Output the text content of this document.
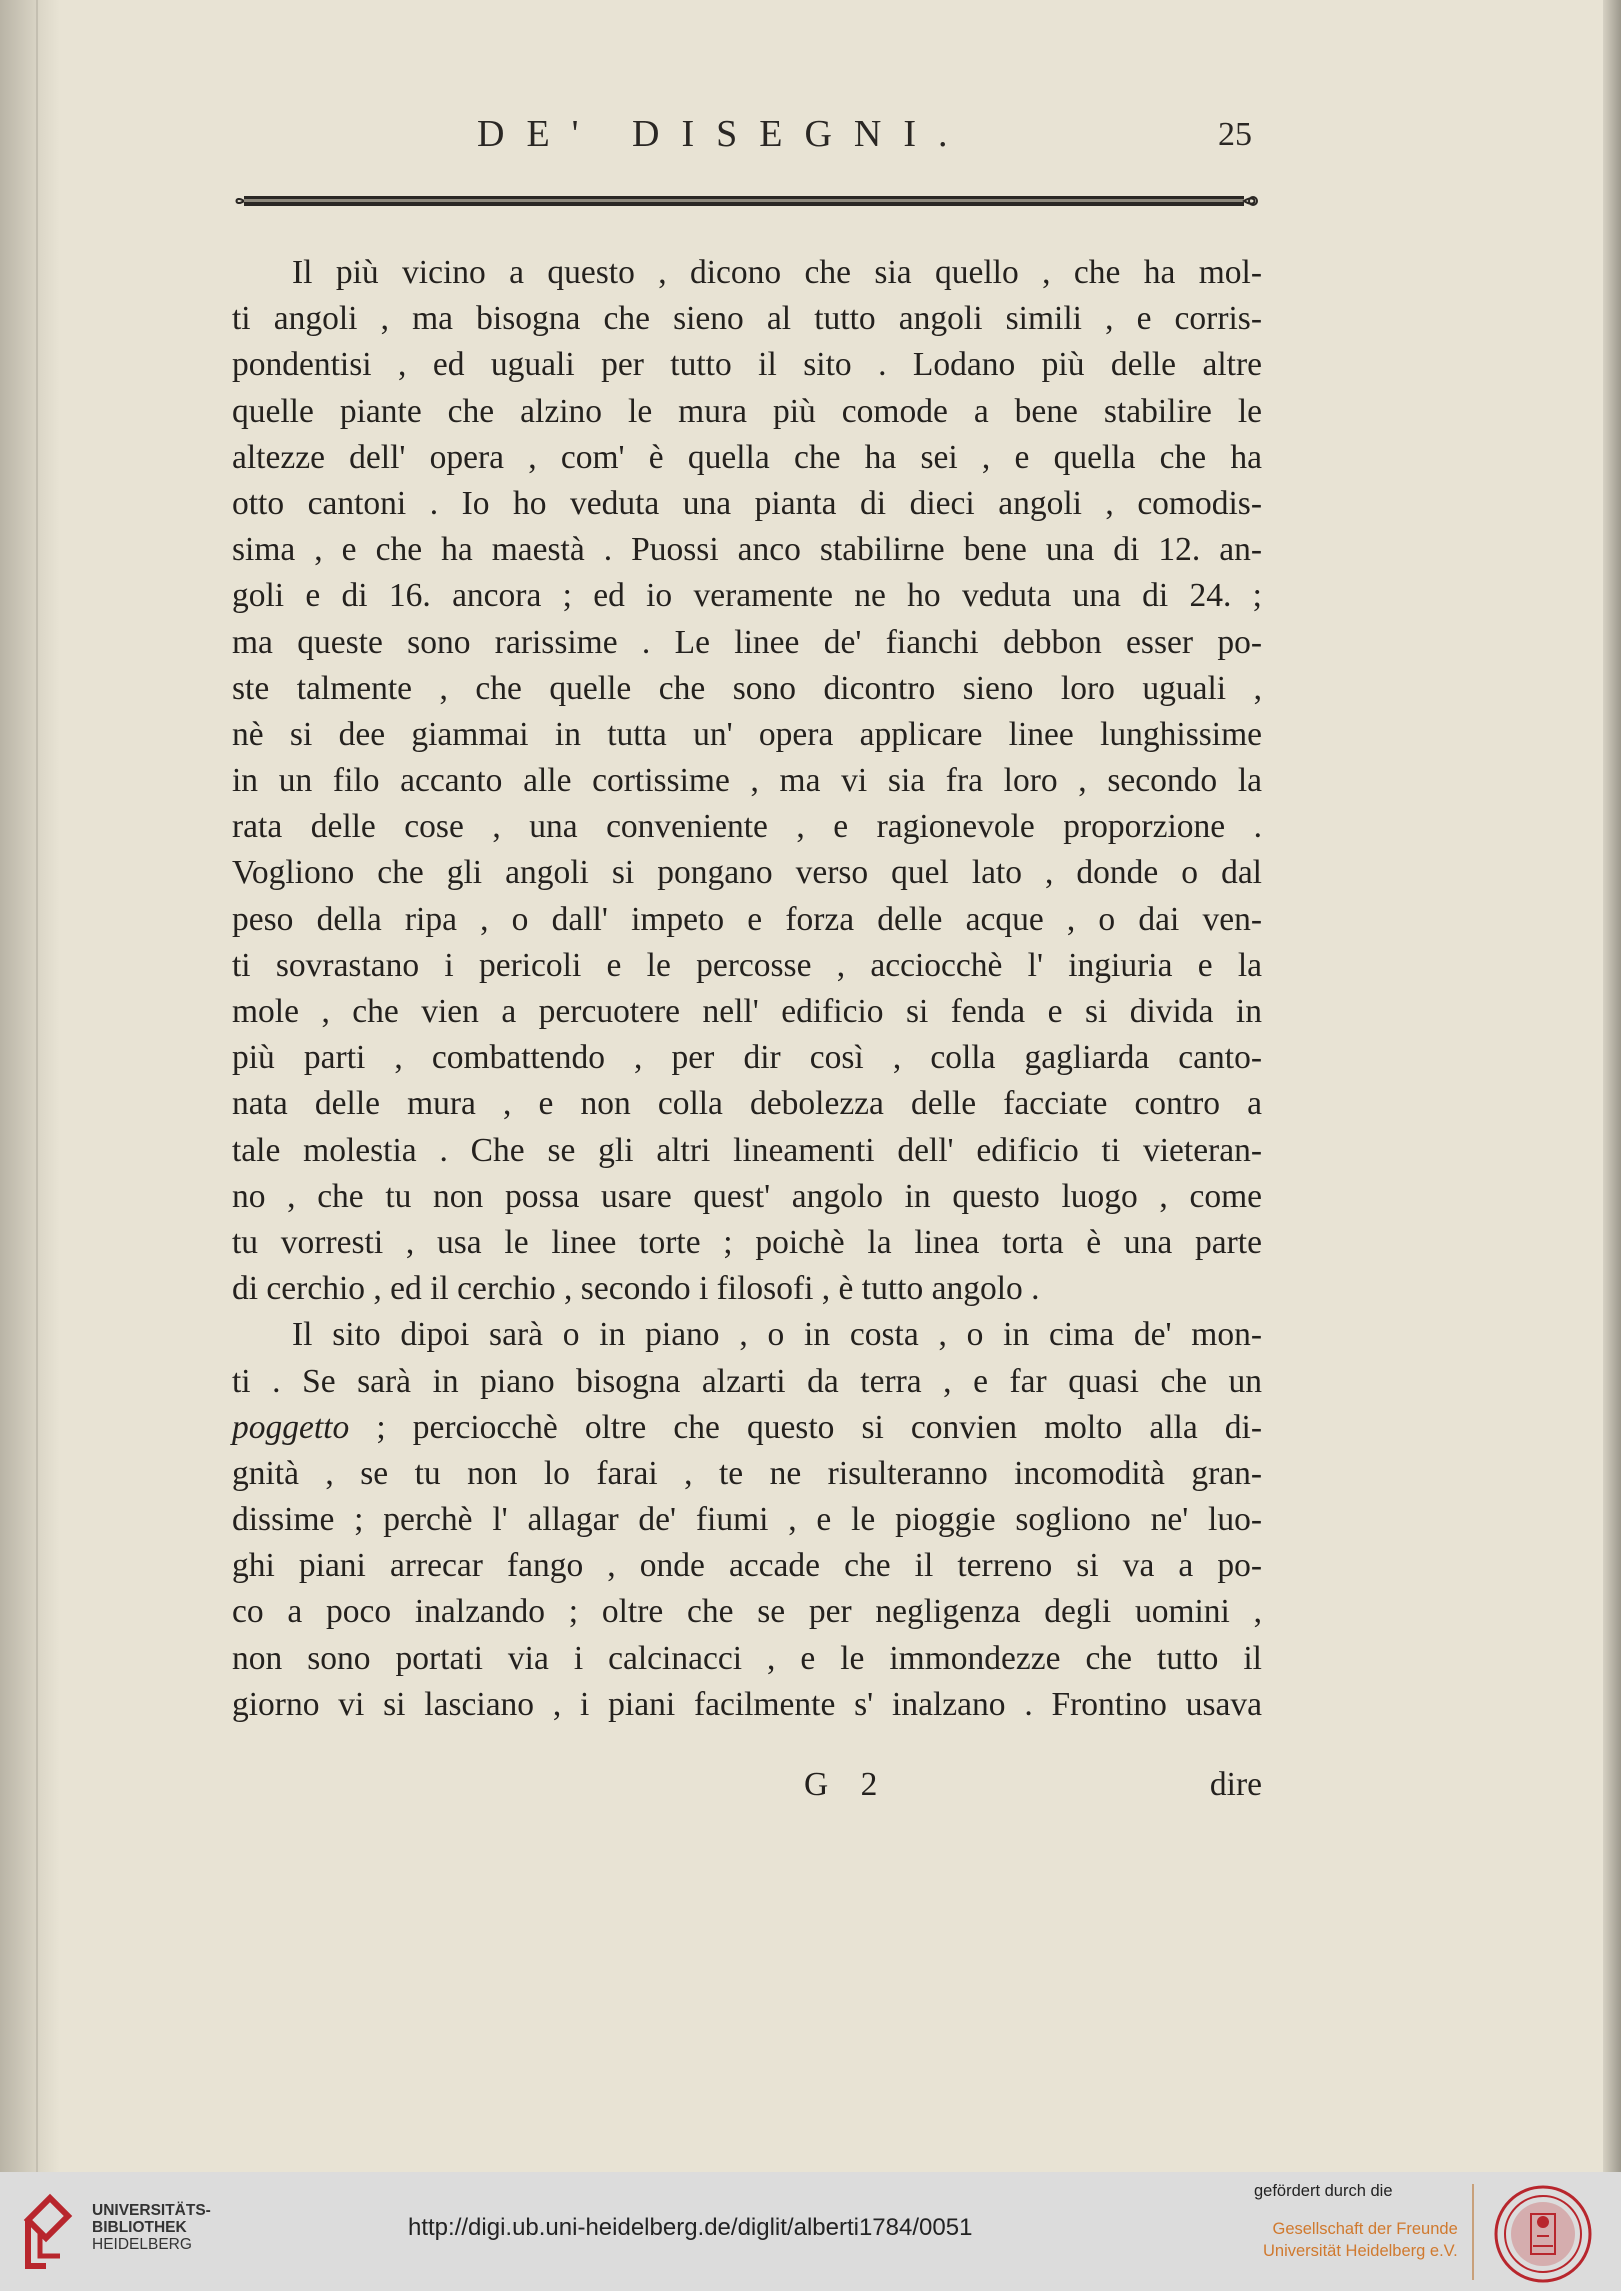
DE' DISEGNI.	25
Il più vicino a questo , dicono che sia quello , che ha mol-
ti angoli , ma bisogna che sieno al tutto angoli simili , e corris-
pondentisi , ed uguali per tutto il sito . Lodano più delle altre
quelle piante che alzino le mura più comode a bene stabilire le
altezze dell' opera , com' è quella che ha sei , e quella che ha
otto cantoni . Io ho veduta una pianta di dieci angoli , comodis-
sima , e che ha maestà . Puossi anco stabilirne bene una di 12. an-
goli e di 16. ancora ; ed io veramente ne ho veduta una di 24. ;
ma queste sono rarissime . Le linee de' fianchi debbon esser po-
ste talmente , che quelle che sono dicontro sieno loro uguali ,
nè si dee giammai in tutta un' opera applicare linee lunghissime
in un filo accanto alle cortissime , ma vi sia fra loro , secondo la
rata delle cose , una conveniente , e ragionevole proporzione .
Vogliono che gli angoli si pongano verso quel lato , donde o dal
peso della ripa , o dall' impeto e forza delle acque , o dai ven-
ti sovrastano i pericoli e le percosse , acciocchè l' ingiuria e la
mole , che vien a percuotere nell' edificio si fenda e si divida in
più parti , combattendo , per dir così , colla gagliarda canto-
nata delle mura , e non colla debolezza delle facciate contro a
tale molestia . Che se gli altri lineamenti dell' edificio ti vieteran-
no , che tu non possa usare quest' angolo in questo luogo , come
tu vorresti , usa le linee torte ; poichè la linea torta è una parte
di cerchio , ed il cerchio , secondo i filosofi , è tutto angolo .
Il sito dipoi sarà o in piano , o in costa , o in cima de' mon-
ti . Se sarà in piano bisogna alzarti da terra , e far quasi che un
poggetto ; perciocchè oltre che questo si convien molto alla di-
gnità , se tu non lo farai , te ne risulteranno incomodità gran-
dissime ; perchè l' allagar de' fiumi , e le pioggie sogliono ne' luo-
ghi piani arrecar fango , onde accade che il terreno si va a po-
co a poco inalzando ; oltre che se per negligenza degli uomini ,
non sono portati via i calcinacci , e le immondezze che tutto il
giorno vi si lasciano , i piani facilmente s' inalzano . Frontino usava
G 2	dire
UNIVERSITÄTS-
BIBLIOTHEK
HEIDELBERG
http://digi.ub.uni-heidelberg.de/diglit/alberti1784/0051
gefördert durch die
Gesellschaft der Freunde
Universität Heidelberg e.V.
